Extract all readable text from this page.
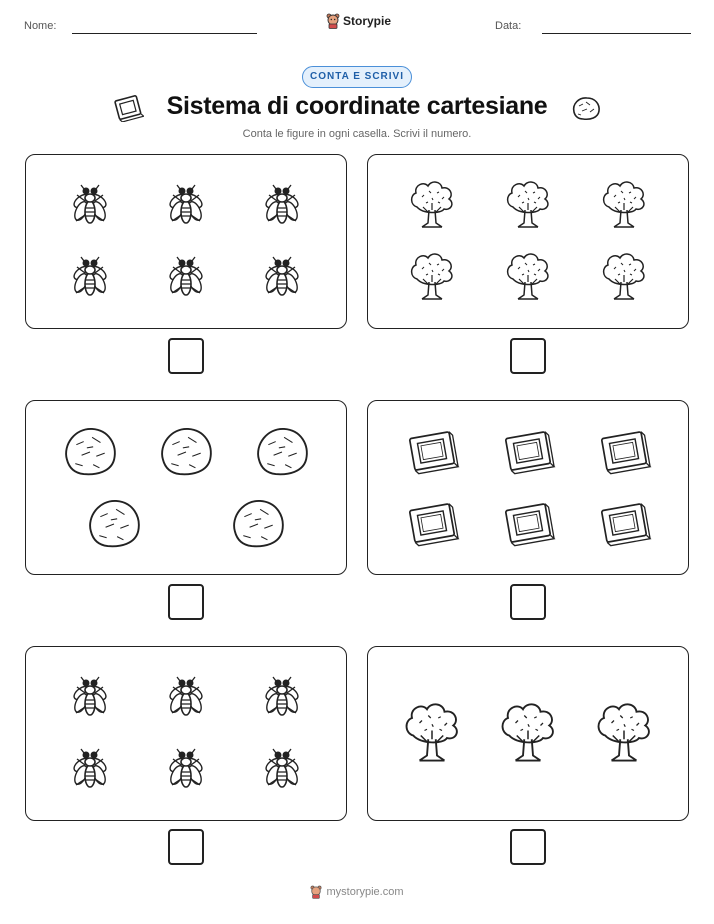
Nome:	Storypie	Data:
CONTA E SCRIVI
Sistema di coordinate cartesiane
Conta le figure in ogni casella. Scrivi il numero.
mystorypie.com
